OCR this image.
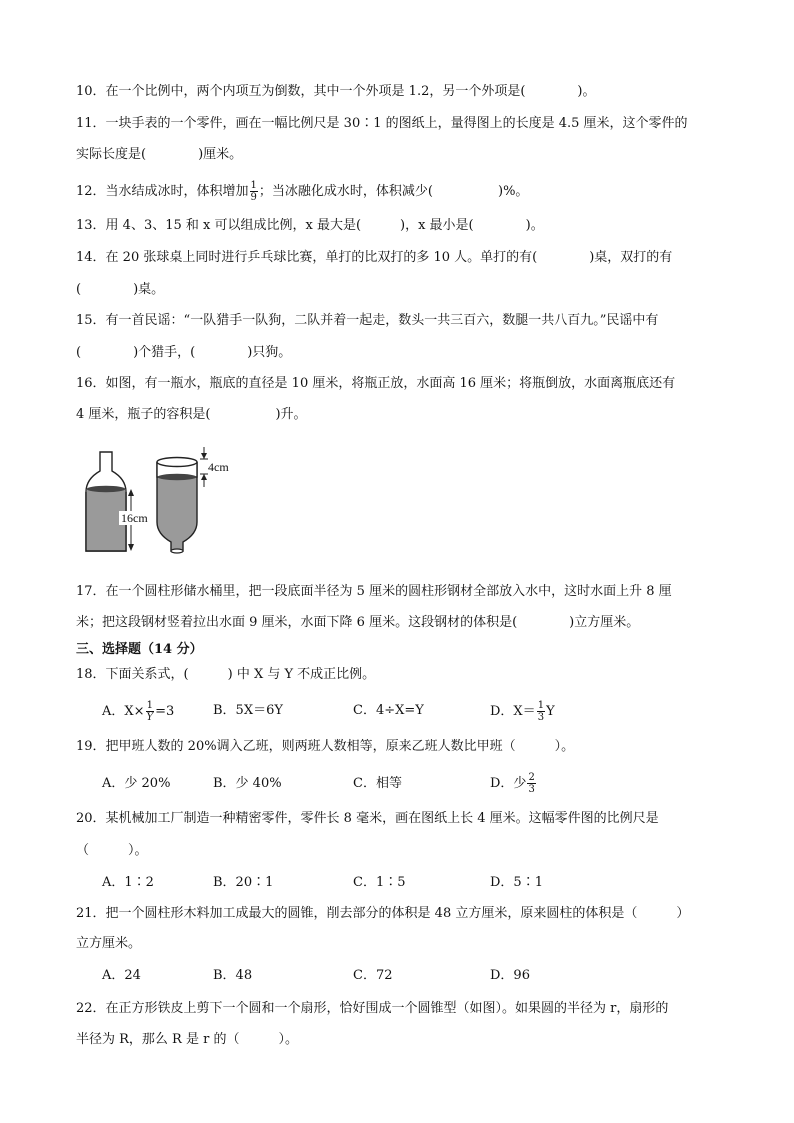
10．在一个比例中，两个内项互为倒数，其中一个外项是 1.2，另一个外项是(　　　　)。
11．一块手表的一个零件，画在一幅比例尺是 30∶1 的图纸上，量得图上的长度是 4.5 厘米，这个零件的
实际长度是(　　　　)厘米。
12．当水结成冰时，体积增加 $\frac{1}{9}$ ；当冰融化成水时，体积减少(　　　　　)%。
13．用 4、3、15 和 x 可以组成比例，x 最大是(　　　)，x 最小是(　　　　)。
14．在 20 张球桌上同时进行乒乓球比赛，单打的比双打的多 10 人。单打的有(　　　　)桌，双打的有
(　　　　)桌。
15．有一首民谣：“一队猎手一队狗，二队并着一起走，数头一共三百六，数腿一共八百九。”民谣中有
(　　　　)个猎手，(　　　　)只狗。
16．如图，有一瓶水，瓶底的直径是 10 厘米，将瓶正放，水面高 16 厘米；将瓶倒放，水面离瓶底还有
4 厘米，瓶子的容积是(　　　　　)升。
16cm
4cm
17．在一个圆柱形储水桶里，把一段底面半径为 5 厘米的圆柱形钢材全部放入水中，这时水面上升 8 厘
米；把这段钢材竖着拉出水面 9 厘米，水面下降 6 厘米。这段钢材的体积是(　　　　)立方厘米。
三、选择题（14 分）
18．下面关系式，(　　　) 中 X 与 Y 不成正比例。
A．$X\times \frac{1}{Y} =3$	B．5X＝6Y	C．4÷X=Y	D．$X= \frac{1}{3}$ Y
19．把甲班人数的 20%调入乙班，则两班人数相等，原来乙班人数比甲班（　　　）。
A．少 20%	B．少 40%	C．相等	D．少 $\frac{2}{3}$
20．某机械加工厂制造一种精密零件，零件长 8 毫米，画在图纸上长 4 厘米。这幅零件图的比例尺是
（　　　）。
A．1∶2	B．20∶1	C．1∶5	D．5∶1
21．把一个圆柱形木料加工成最大的圆锥，削去部分的体积是 48 立方厘米，原来圆柱的体积是（　　　）
立方厘米。
A．24	B．48	C．72	D．96
22．在正方形铁皮上剪下一个圆和一个扇形，恰好围成一个圆锥型（如图）。如果圆的半径为 r，扇形的
半径为 R，那么 R 是 r 的（　　　）。
